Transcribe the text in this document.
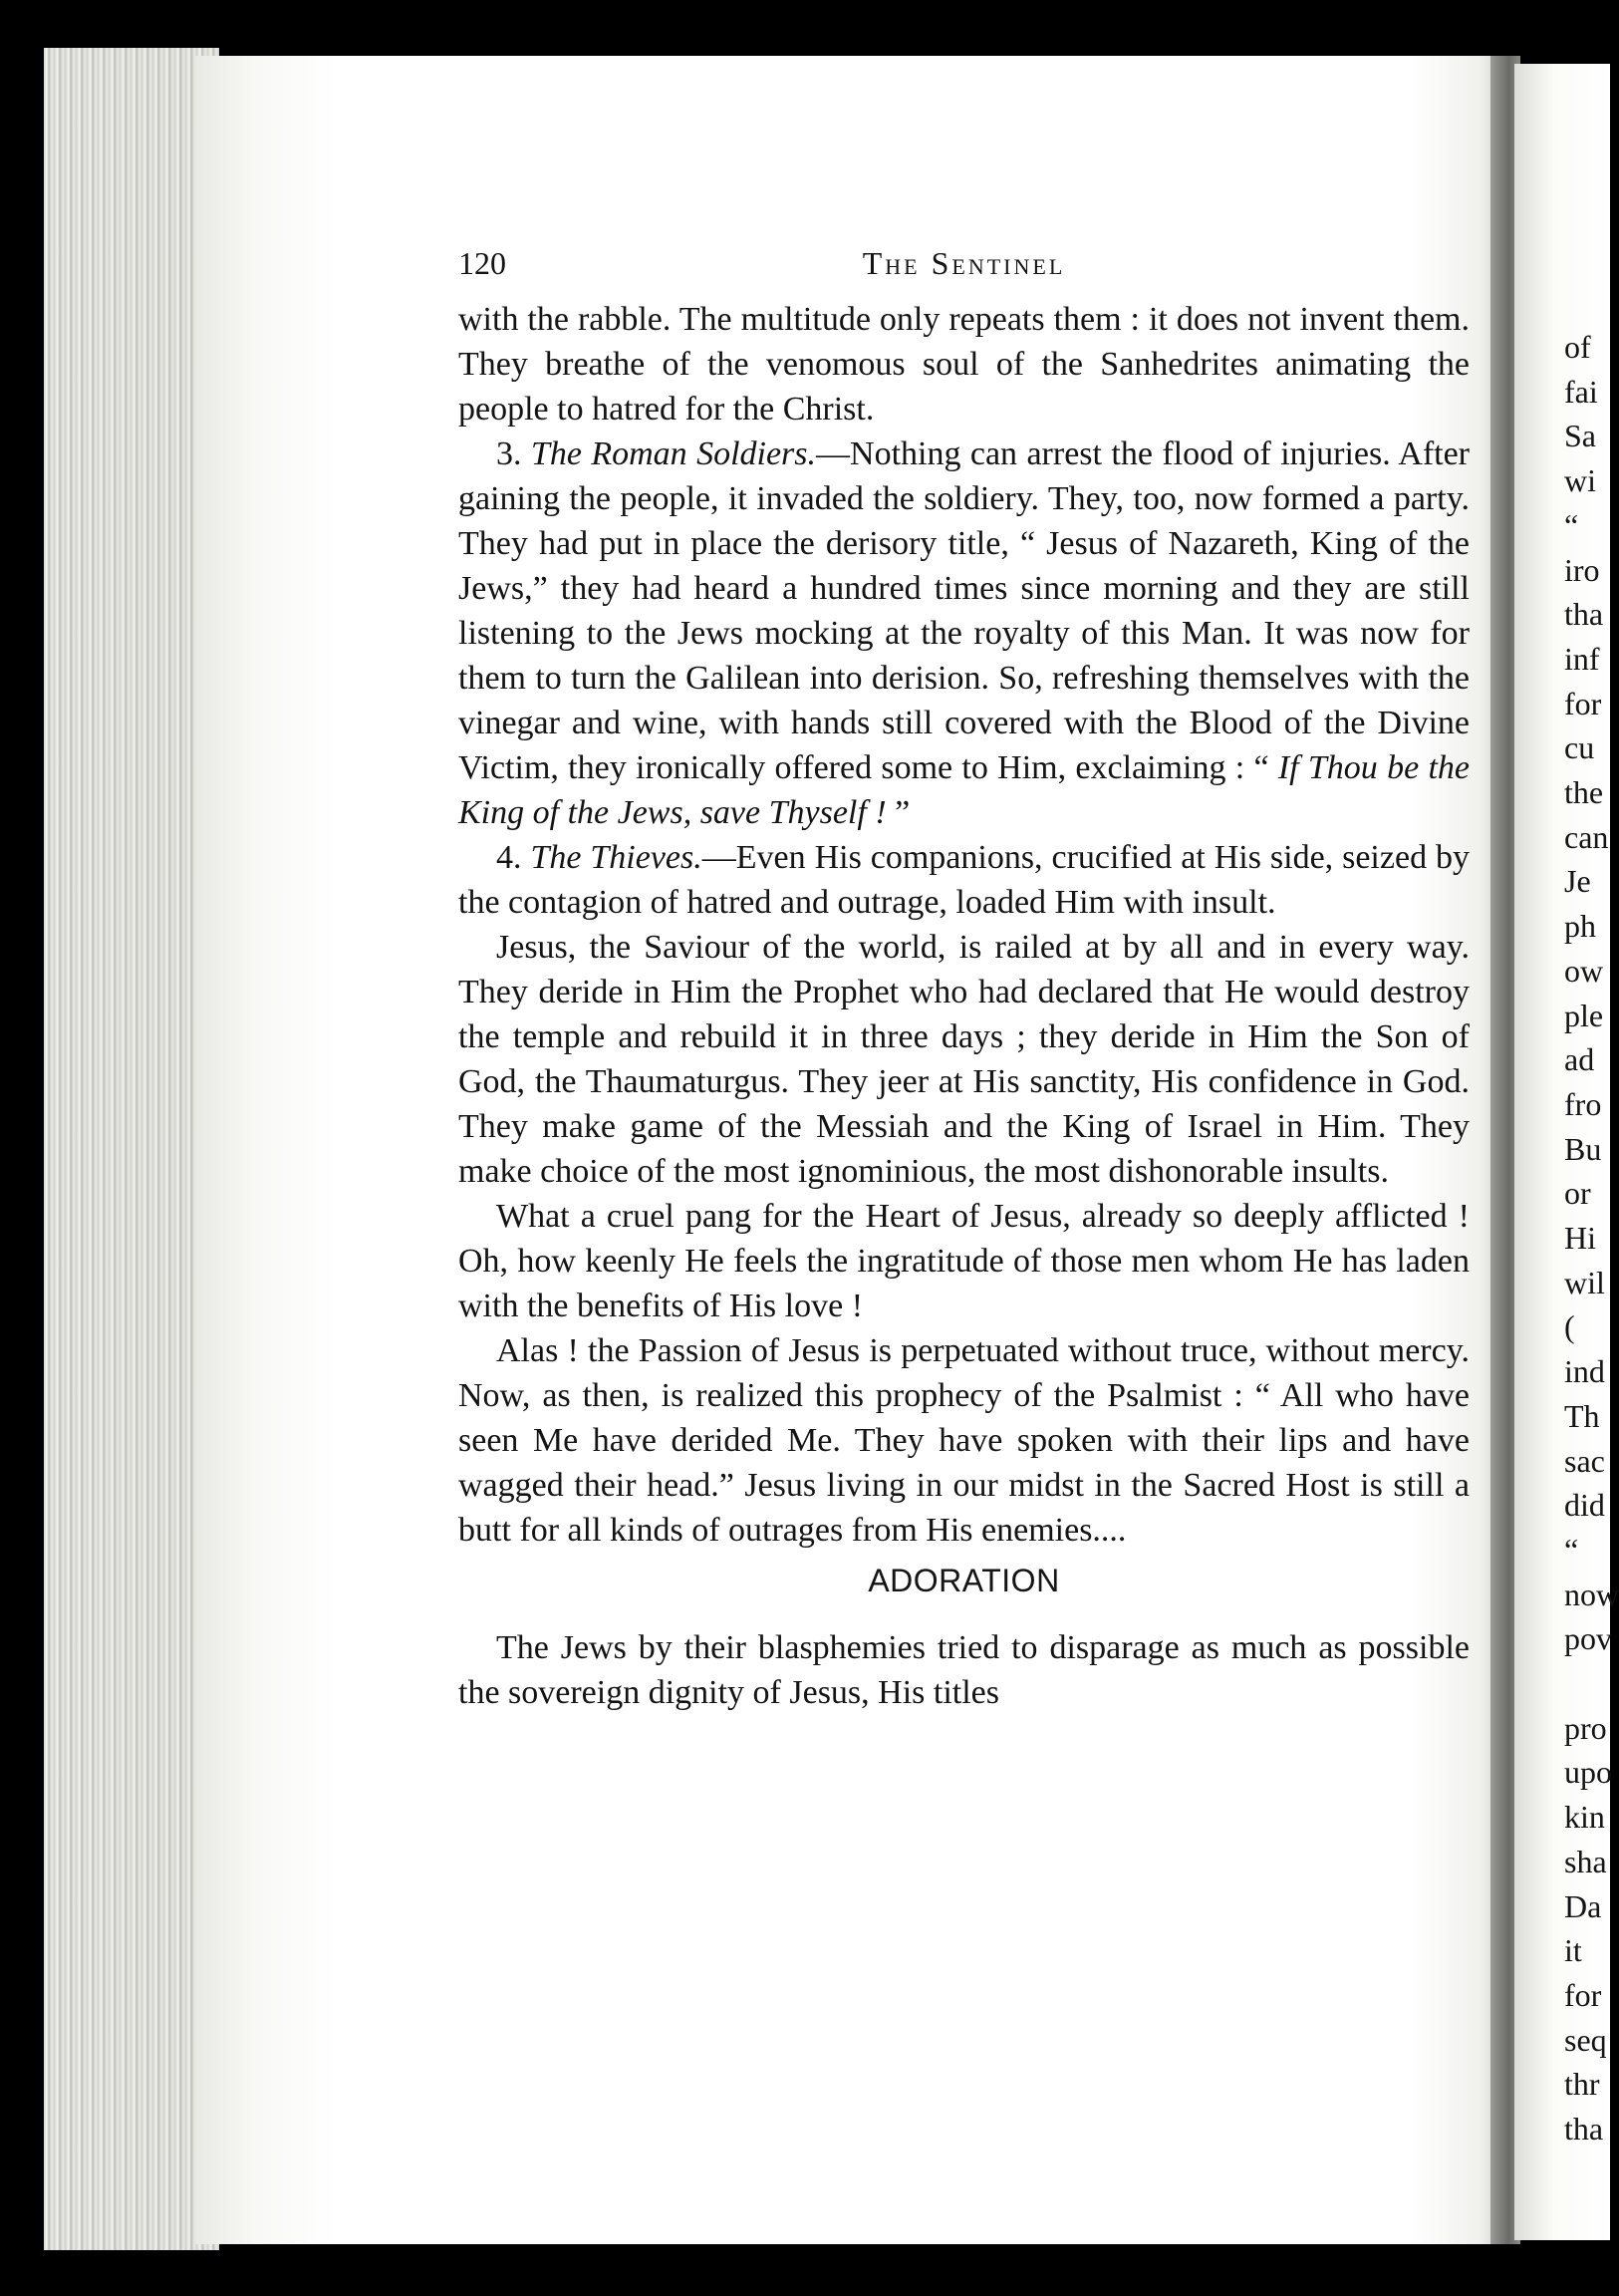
120	The Sentinel

with the rabble. The multitude only repeats them : it does not invent them. They breathe of the venomous soul of the Sanhedrites animating the people to hatred for the Christ.

3. The Roman Soldiers.—Nothing can arrest the flood of injuries. After gaining the people, it invaded the soldiery. They, too, now formed a party. They had put in place the derisory title, “ Jesus of Nazareth, King of the Jews,” they had heard a hundred times since morning and they are still listening to the Jews mocking at the royalty of this Man. It was now for them to turn the Galilean into derision. So, refreshing themselves with the vinegar and wine, with hands still covered with the Blood of the Divine Victim, they ironically offered some to Him, exclaiming : “ If Thou be the King of the Jews, save Thyself ! ”

4. The Thieves.—Even His companions, crucified at His side, seized by the contagion of hatred and outrage, loaded Him with insult.

Jesus, the Saviour of the world, is railed at by all and in every way. They deride in Him the Prophet who had declared that He would destroy the temple and rebuild it in three days ; they deride in Him the Son of God, the Thaumaturgus. They jeer at His sanctity, His confidence in God. They make game of the Messiah and the King of Israel in Him. They make choice of the most ignominious, the most dishonorable insults.

What a cruel pang for the Heart of Jesus, already so deeply afflicted ! Oh, how keenly He feels the ingratitude of those men whom He has laden with the benefits of His love !

Alas ! the Passion of Jesus is perpetuated without truce, without mercy. Now, as then, is realized this prophecy of the Psalmist : “ All who have seen Me have derided Me. They have spoken with their lips and have wagged their head.” Jesus living in our midst in the Sacred Host is still a butt for all kinds of outrages from His enemies....

ADORATION

The Jews by their blasphemies tried to disparage as much as possible the sovereign dignity of Jesus, His titles

of
fai
Sa
wi
“
iro
tha
inf
for
cu
the
can
Je
ph
ow
ple
ad
fro
Bu
or
Hi
wil
(
ind
Th
sac
did
“
now
pov
pro
upo
kin
sha
Da
it
for
seq
thr
tha
